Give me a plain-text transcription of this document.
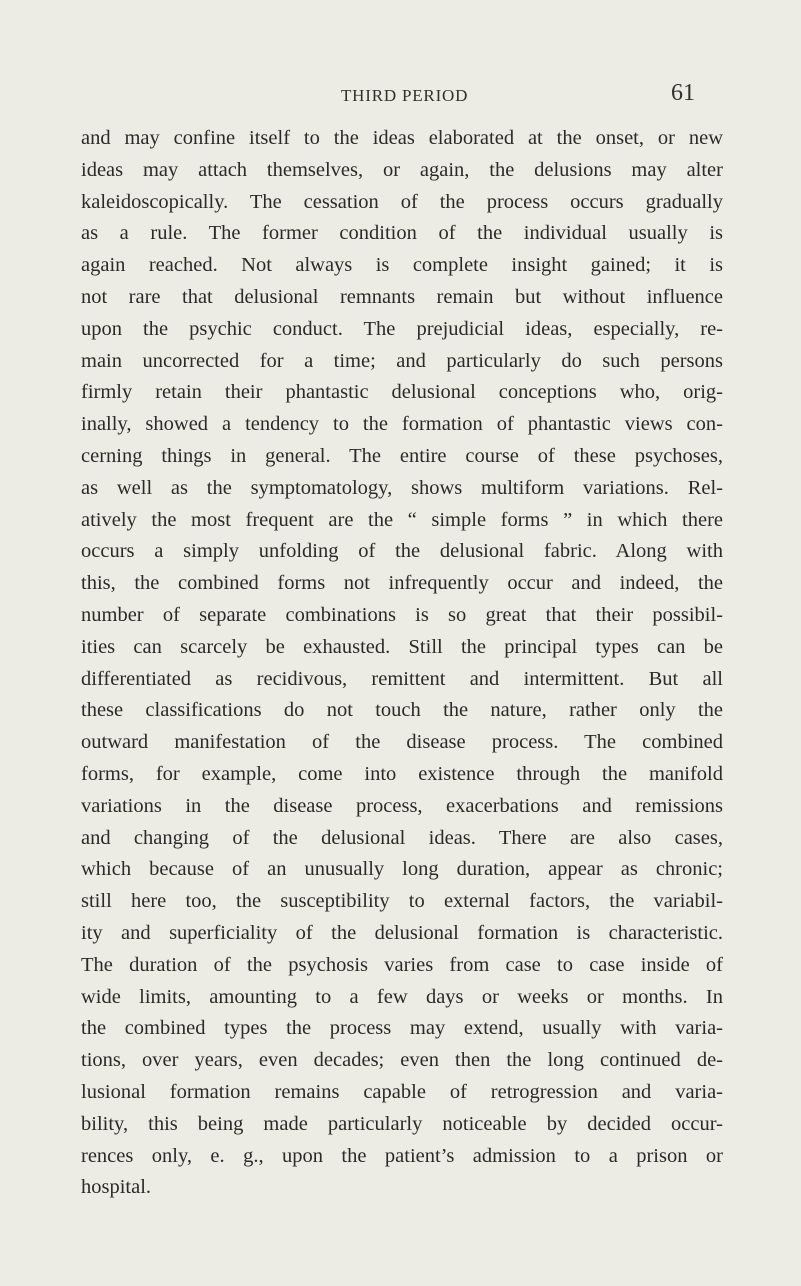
THIRD PERIOD	61

and may confine itself to the ideas elaborated at the onset, or new
ideas may attach themselves, or again, the delusions may alter
kaleidoscopically. The cessation of the process occurs gradually
as a rule. The former condition of the individual usually is
again reached. Not always is complete insight gained; it is
not rare that delusional remnants remain but without influence
upon the psychic conduct. The prejudicial ideas, especially, re-
main uncorrected for a time; and particularly do such persons
firmly retain their phantastic delusional conceptions who, orig-
inally, showed a tendency to the formation of phantastic views con-
cerning things in general. The entire course of these psychoses,
as well as the symptomatology, shows multiform variations. Rel-
atively the most frequent are the “ simple forms ” in which there
occurs a simply unfolding of the delusional fabric. Along with
this, the combined forms not infrequently occur and indeed, the
number of separate combinations is so great that their possibil-
ities can scarcely be exhausted. Still the principal types can be
differentiated as recidivous, remittent and intermittent. But all
these classifications do not touch the nature, rather only the
outward manifestation of the disease process. The combined
forms, for example, come into existence through the manifold
variations in the disease process, exacerbations and remissions
and changing of the delusional ideas. There are also cases,
which because of an unusually long duration, appear as chronic;
still here too, the susceptibility to external factors, the variabil-
ity and superficiality of the delusional formation is characteristic.
The duration of the psychosis varies from case to case inside of
wide limits, amounting to a few days or weeks or months. In
the combined types the process may extend, usually with varia-
tions, over years, even decades; even then the long continued de-
lusional formation remains capable of retrogression and varia-
bility, this being made particularly noticeable by decided occur-
rences only, e. g., upon the patient’s admission to a prison or
hospital.
